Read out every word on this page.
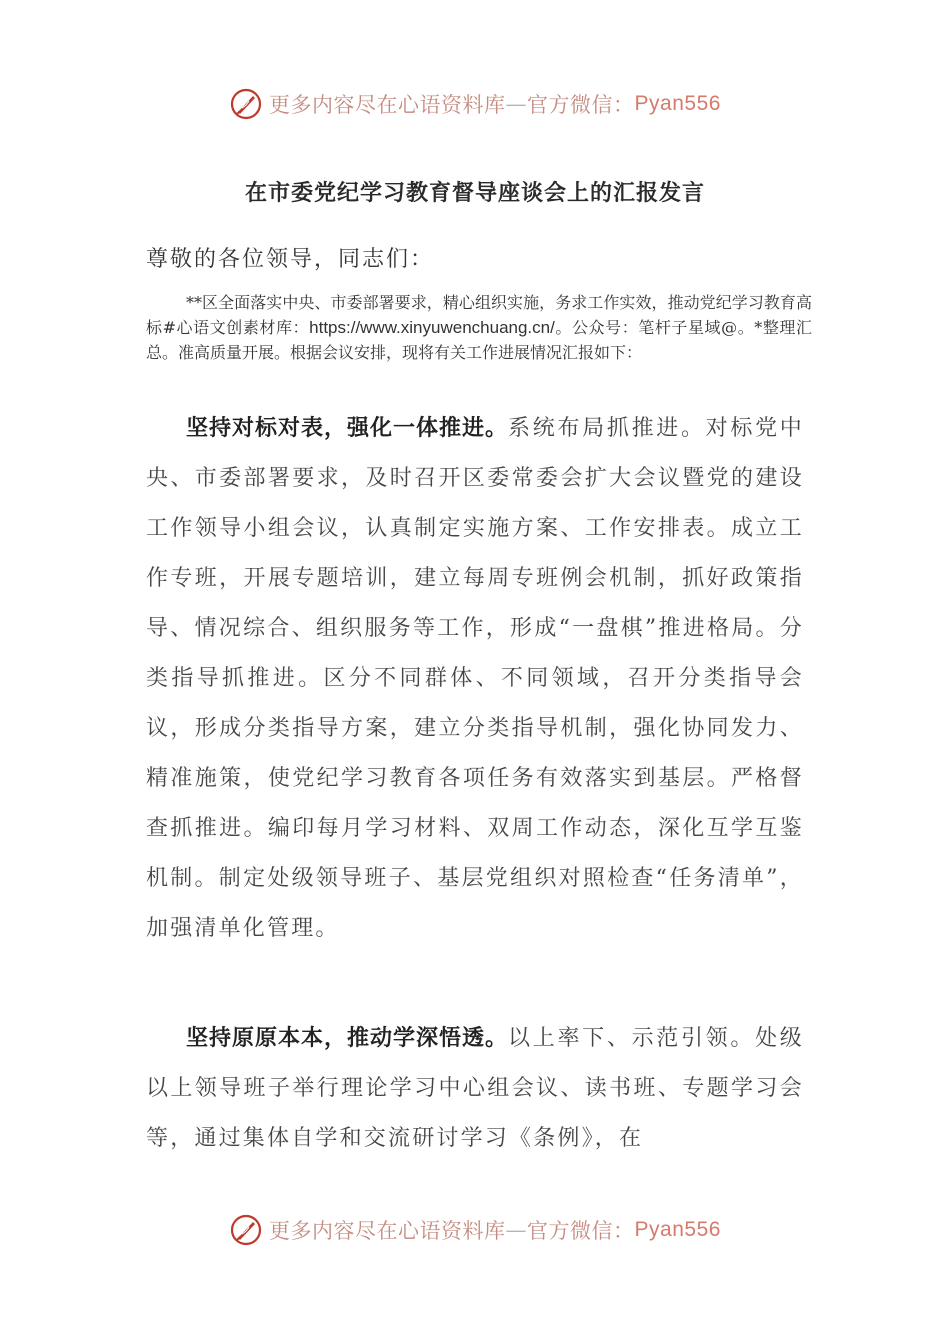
更多内容尽在心语资料库 — 官方微信： Pyan556
在市委党纪学习教育督导座谈会上的汇报发言
尊敬的各位领导，同志们：
**区全面落实中央、市委部署要求，精心组织实施，务求工作实效，推动党纪学习教育高标#心语文创素材库：https://www.xinyuwenchuang.cn/。公众号：笔杆子星域@。*整理汇总。准高质量开展。根据会议安排，现将有关工作进展情况汇报如下：
坚持对标对表，强化一体推进。系统布局抓推进。对标党中央、市委部署要求，及时召开区委常委会扩大会议暨党的建设工作领导小组会议，认真制定实施方案、工作安排表。成立工作专班，开展专题培训，建立每周专班例会机制，抓好政策指导、情况综合、组织服务等工作，形成“一盘棋”推进格局。分类指导抓推进。区分不同群体、不同领域，召开分类指导会议，形成分类指导方案，建立分类指导机制，强化协同发力、精准施策，使党纪学习教育各项任务有效落实到基层。严格督查抓推进。编印每月学习材料、双周工作动态，深化互学互鉴机制。制定处级领导班子、基层党组织对照检查“任务清单”，加强清单化管理。
坚持原原本本，推动学深悟透。以上率下、示范引领。处级以上领导班子举行理论学习中心组会议、读书班、专题学习会等，通过集体自学和交流研讨学习《条例》，在
更多内容尽在心语资料库 — 官方微信： Pyan556
